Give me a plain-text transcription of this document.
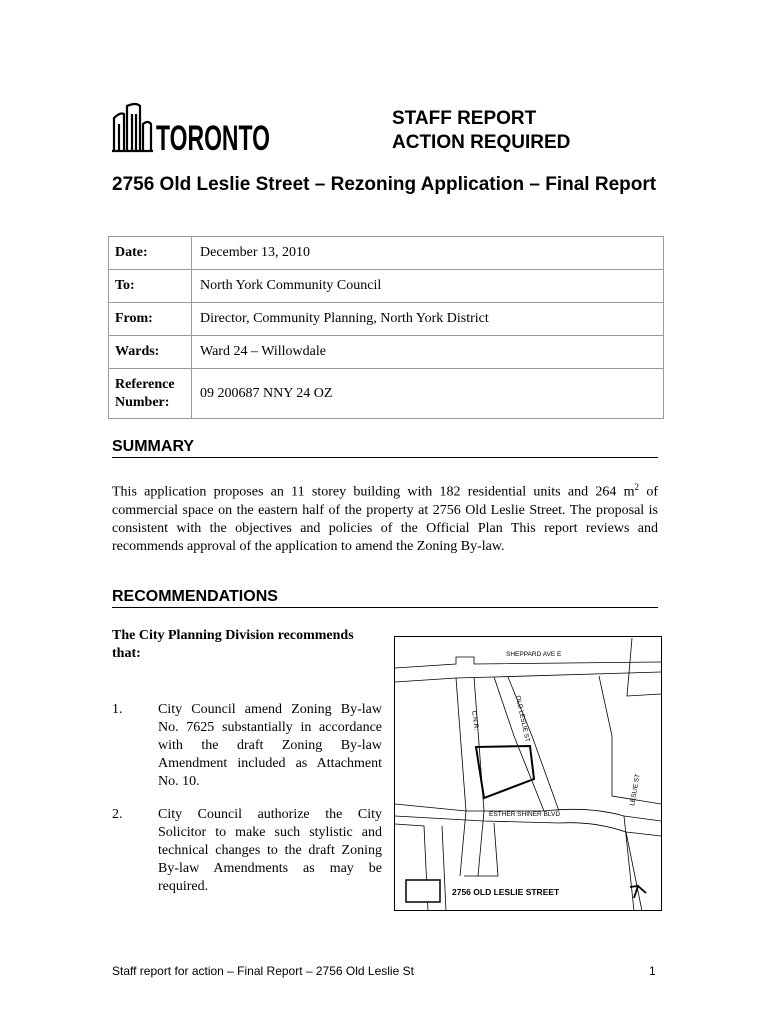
TORONTO
STAFF REPORT
ACTION REQUIRED
2756 Old Leslie Street – Rezoning Application – Final Report
Date:	December 13, 2010
To:	North York Community Council
From:	Director, Community Planning, North York District
Wards:	Ward 24 – Willowdale

Reference
Number:	09 200687 NNY 24 OZ
SUMMARY
This application proposes an 11 storey building with 182 residential units and 264 $m^2$ of commercial space on the eastern half of the property at 2756 Old Leslie Street. The proposal is consistent with the objectives and policies of the Official Plan This report reviews and recommends approval of the application to amend the Zoning By-law.
RECOMMENDATIONS
The City Planning Division recommends that:
1.	City Council amend Zoning By-law No. 7625 substantially in accordance with the draft Zoning By-law Amendment included as Attachment No. 10.
2.	City Council authorize the City Solicitor to make such stylistic and technical changes to the draft Zoning By-law Amendments as may be required.
SHEPPARD AVE E
OLD LESLIE ST
C.N.R.
ESTHER SHINER BLVD
LESLIE ST
2756 OLD LESLIE STREET
Staff report for action – Final Report – 2756 Old Leslie St	1
